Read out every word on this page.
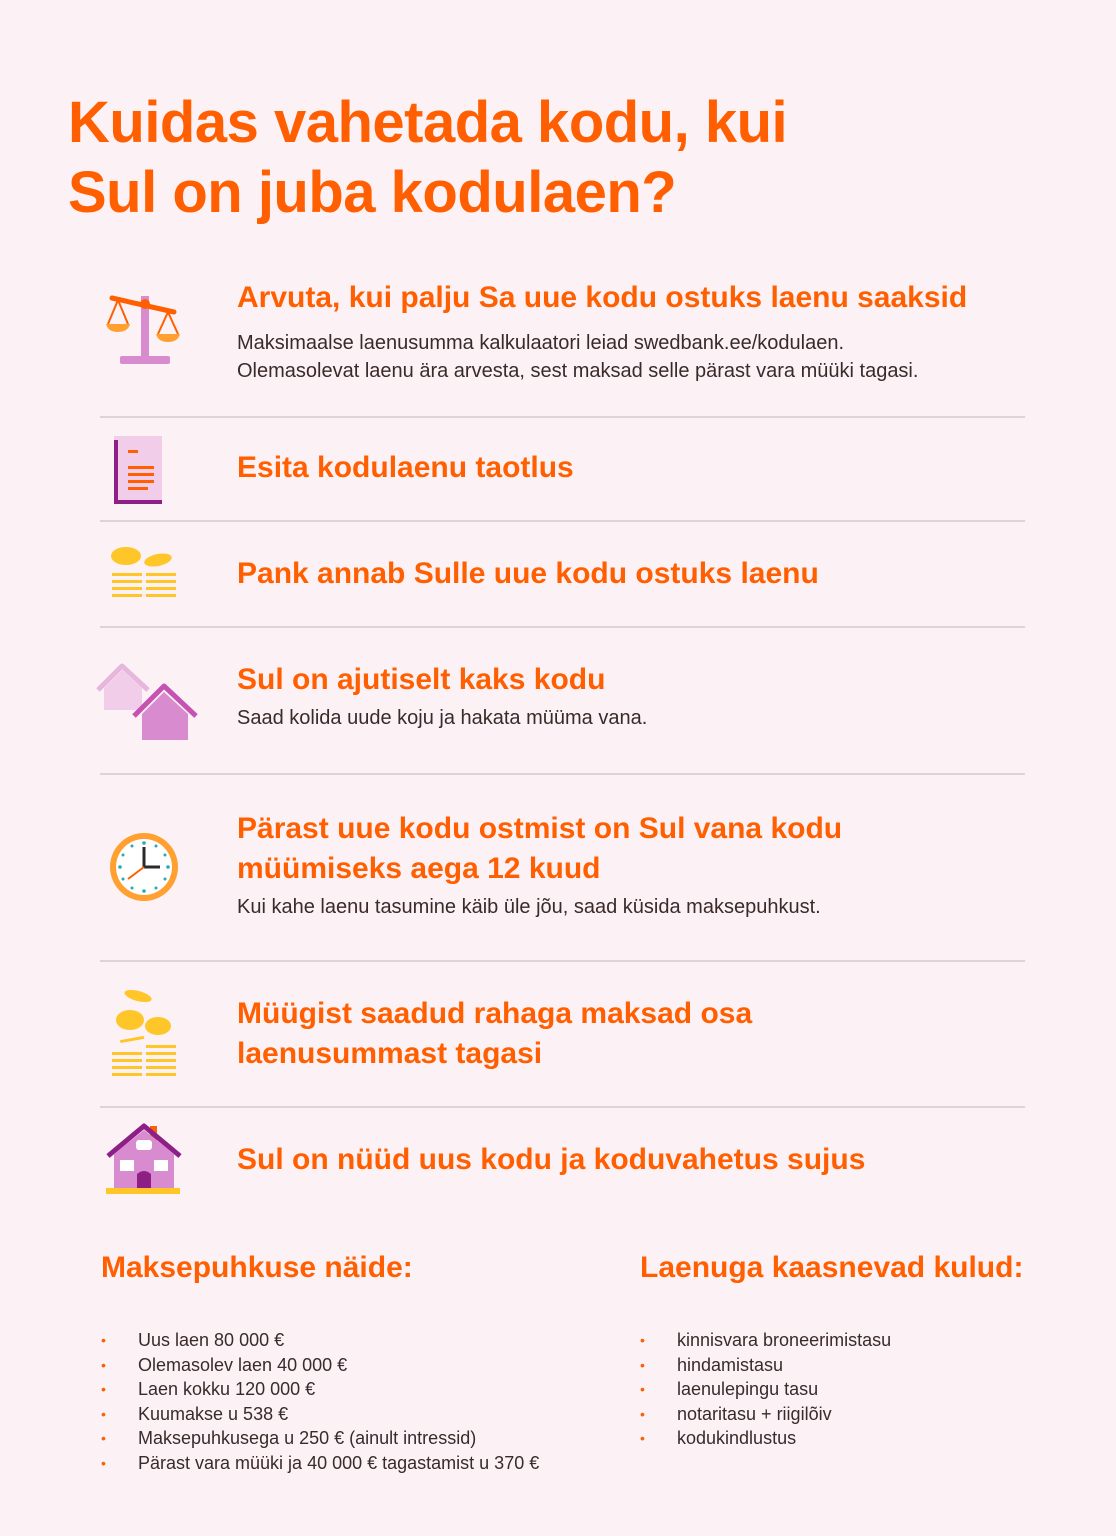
Kuidas vahetada kodu, kui
Sul on juba kodulaen?
Arvuta, kui palju Sa uue kodu ostuks laenu saaksid

Maksimaalse laenusumma kalkulaatori leiad swedbank.ee/kodulaen.
Olemasolevat laenu ära arvesta, sest maksad selle pärast vara müüki tagasi.

Esita kodulaenu taotlus
Pank annab Sulle uue kodu ostuks laenu
Sul on ajutiselt kaks kodu

Saad kolida uude koju ja hakata müüma vana.

Pärast uue kodu ostmist on Sul vana kodu
müümiseks aega 12 kuud

Kui kahe laenu tasumine käib üle jõu, saad küsida maksepuhkust.

Müügist saadud rahaga maksad osa
laenusummast tagasi
Sul on nüüd uus kodu ja koduvahetus sujus
Maksepuhkuse näide:
• Uus laen 80 000 €
• Olemasolev laen 40 000 €
• Laen kokku 120 000 €
• Kuumakse u 538 €
• Maksepuhkusega u 250 € (ainult intressid)
• Pärast vara müüki ja 40 000 € tagastamist u 370 €
Laenuga kaasnevad kulud:
• kinnisvara broneerimistasu
• hindamistasu
• laenulepingu tasu
• notaritasu + riigilõiv
• kodukindlustus
